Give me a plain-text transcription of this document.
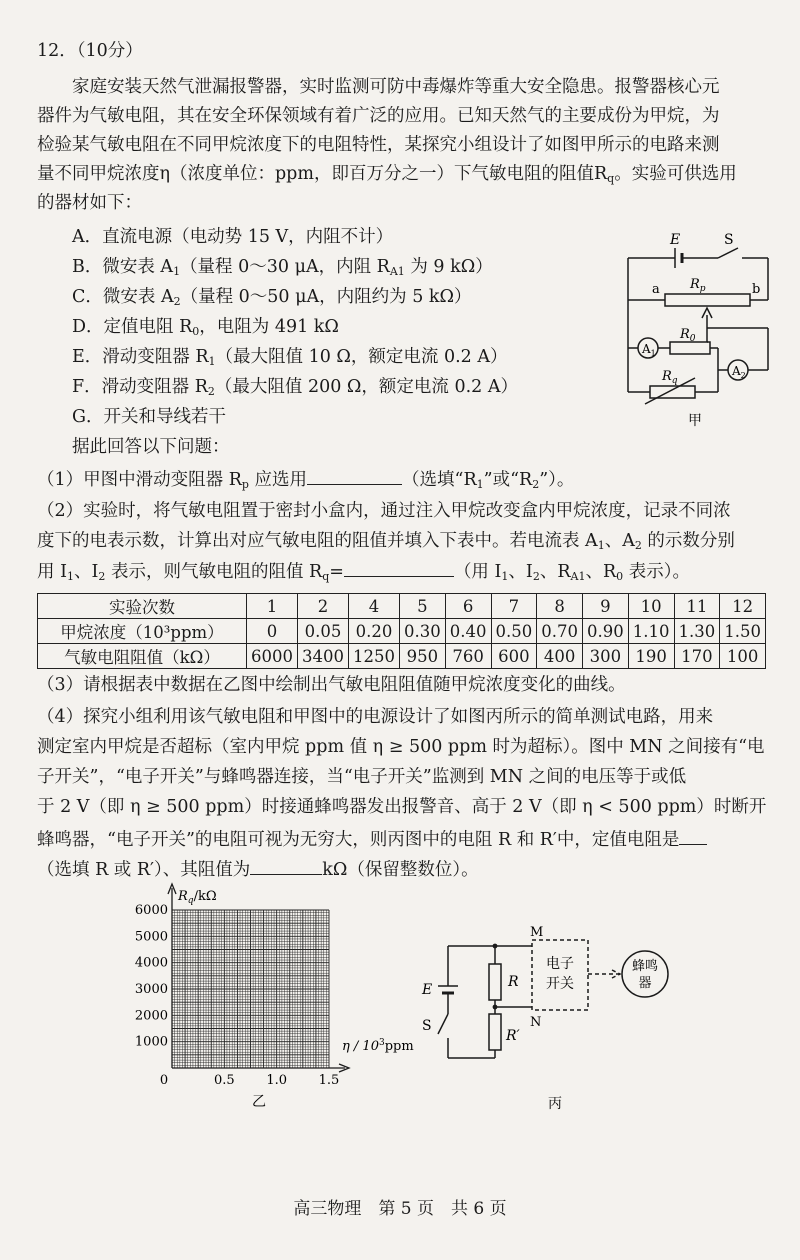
12．（10分）
家庭安装天然气泄漏报警器，实时监测可防中毒爆炸等重大安全隐患。报警器核心元
器件为气敏电阻，其在安全环保领域有着广泛的应用。已知天然气的主要成份为甲烷，为
检验某气敏电阻在不同甲烷浓度下的电阻特性，某探究小组设计了如图甲所示的电路来测
量不同甲烷浓度η（浓度单位：ppm，即百万分之一）下气敏电阻的阻值$R_q$。实验可供选用
的器材如下：
A．直流电源（电动势 15 V，内阻不计）
B．微安表 $A_1$（量程 0～30 μA，内阻 $R_{A1}$ 为 9 kΩ）
C．微安表 $A_2$（量程 0～50 μA，内阻约为 5 kΩ）
D．定值电阻 $R_0$，电阻为 491 kΩ
E．滑动变阻器 $R_1$（最大阻值 10 Ω，额定电流 0.2 A）
F．滑动变阻器 $R_2$（最大阻值 200 Ω，额定电流 0.2 A）
G．开关和导线若干
据此回答以下问题：
E	S
a	b
$R_p$
$A_1$
$R_0$
$A_2$
$R_q$
甲
（1）甲图中滑动变阻器 $R_p$ 应选用	（选填“$R_1$”或“$R_2$”）。
（2）实验时，将气敏电阻置于密封小盒内，通过注入甲烷改变盒内甲烷浓度，记录不同浓
度下的电表示数，计算出对应气敏电阻的阻值并填入下表中。若电流表 $A_1$、$A_2$ 的示数分别
用 $I_1$、$I_2$ 表示，则气敏电阻的阻值 $R_q=$	（用 $I_1$、$I_2$、$R_{A1}$、$R_0$ 表示）。
实验次数	1	2	4	5	6	7	8	9	10	11	12
甲烷浓度（10³ppm）	0	0.05	0.20	0.30	0.40	0.50	0.70	0.90	1.10	1.30	1.50
气敏电阻阻值（kΩ）	6000	3400	1250	950	760	600	400	300	190	170	100
（3）请根据表中数据在乙图中绘制出气敏电阻阻值随甲烷浓度变化的曲线。
（4）探究小组利用该气敏电阻和甲图中的电源设计了如图丙所示的简单测试电路，用来
测定室内甲烷是否超标（室内甲烷 ppm 值 η ≥ 500 ppm 时为超标）。图中 MN 之间接有“电
子开关”，“电子开关”与蜂鸣器连接，当“电子开关”监测到 MN 之间的电压等于或低
于 2 V（即 η ≥ 500 ppm）时接通蜂鸣器发出报警音、高于 2 V（即 η < 500 ppm）时断开
蜂鸣器，“电子开关”的电阻可视为无穷大，则丙图中的电阻 R 和 R′中，定值电阻是
（选填 R 或 R′）、其阻值为	kΩ（保留整数位）。
$R_q/k\Omega$
6000
5000
4000
3000
2000
1000
0	0.5 1.0 1.5
η / $10^3ppm$
乙
M
N
R
R′
E
S
电子
开关
蜂鸣
器
丙
高三物理　第 5 页　共 6 页
